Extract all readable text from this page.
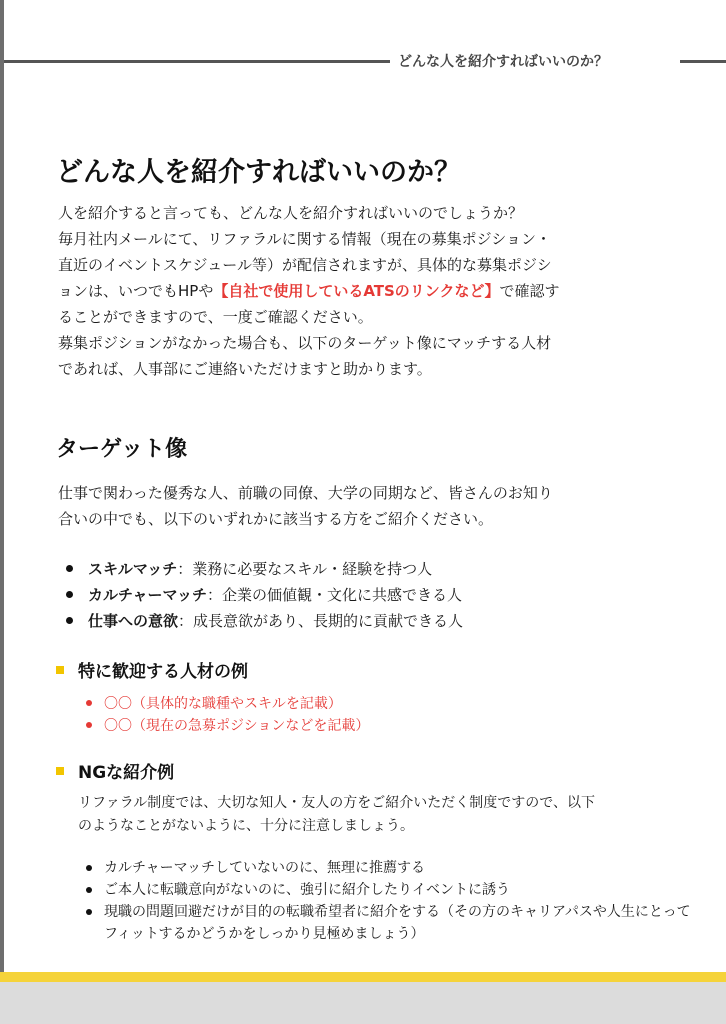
どんな人を紹介すればいいのか？
どんな人を紹介すればいいのか？

人を紹介すると言っても、どんな人を紹介すればいいのでしょうか？

毎月社内メールにて、リファラルに関する情報（現在の募集ポジション・

直近のイベントスケジュール等）が配信されますが、具体的な募集ポジシ

ョンは、いつでもHPや【自社で使用しているATSのリンクなど】で確認す

ることができますので、一度ご確認ください。

募集ポジションがなかった場合も、以下のターゲット像にマッチする人材

であれば、人事部にご連絡いただけますと助かります。

ターゲット像

仕事で関わった優秀な人、前職の同僚、大学の同期など、皆さんのお知り

合いの中でも、以下のいずれかに該当する方をご紹介ください。

スキルマッチ ：業務に必要なスキル・経験を持つ人
カルチャーマッチ ：企業の価値観・文化に共感できる人
仕事への意欲 ：成長意欲があり、長期的に貢献できる人
特に歓迎する人材の例
〇〇（具体的な職種やスキルを記載）
〇〇（現在の急募ポジションなどを記載）
NGな紹介例

リファラル制度では、大切な知人・友人の方をご紹介いただく制度ですので、以下

のようなことがないように、十分に注意しましょう。

カルチャーマッチしていないのに、無理に推薦する
ご本人に転職意向がないのに、強引に紹介したりイベントに誘う
現職の問題回避だけが目的の転職希望者に紹介をする（その方のキャリアパスや人生にとってフィットするかどうかをしっかり見極めましょう）
